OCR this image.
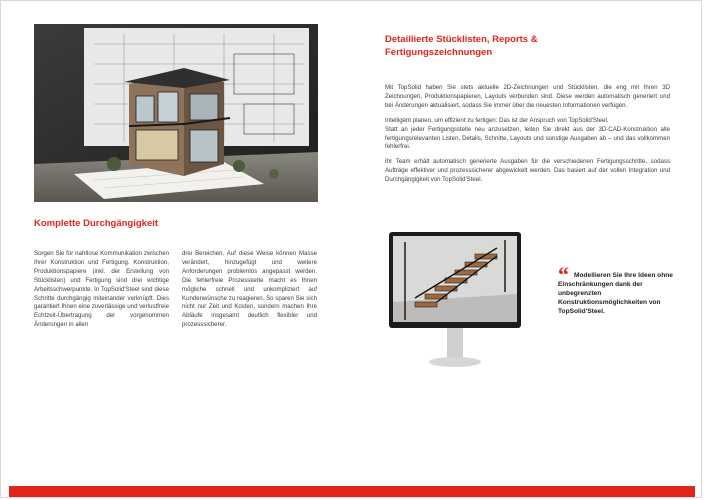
Detaillierte Stücklisten, Reports & Fertigungszeichnungen

Mit TopSolid haben Sie stets aktuelle 2D-Zeichnungen und Stücklisten, die eng mit Ihren 3D Zeichnungen, Produktionspapieren, Layouts verbunden sind. Diese werden automatisch generiert und bei Änderungen aktualisiert, sodass Sie immer über die neuesten Informationen verfügen.

Intelligent planen, um effizient zu fertigen: Das ist der Anspruch von TopSolid'Steel.

Statt an jeder Fertigungsstelle neu anzusetzen, leiten Sie direkt aus der 3D-CAD-Konstruktion alle fertigungsrelevanten Listen, Details, Schnitte, Layouts und sonstige Ausgaben ab – und das vollkommen fehlerfrei.

Ihr Team erhält automatisch generierte Ausgaben für die verschiedenen Fertigungsschritte, sodass Aufträge effektiver und prozesssicherer abgewickelt werden. Das basiert auf der vollen Integration und Durchgängigkeit von TopSolid'Steel.

Komplette Durchgängigkeit
Sorgen Sie für nahtlose Kommunikation zwischen Ihrer Konstruktion und Fertigung. Konstruktion, Produktionspapiere (inkl. der Erstellung von Stücklisten) und Fertigung sind drei wichtige Arbeitsschwerpunkte. In TopSolid'Steel sind diese Schritte durchgängig miteinander verknüpft. Dies garantiert Ihnen eine zuverlässige und verlustfreie Echtzeit-Übertragung der vorgenommen Änderungen in allen
drei Bereichen. Auf diese Weise können Masse verändert, hinzugefügt und weitere Anforderungen problemlos angepasst werden. Die fehlerfreie Prozesskette macht es Ihnen mögliche schnell und unkompliziert auf Kundenwünsche zu reagieren. So sparen Sie sich nicht nur Zeit und Kosten, sondern machen Ihre Abläufe insgesamt deutlich flexibler und prozesssicherer.
“ Modellieren Sie Ihre Ideen ohne Einschränkungen dank der unbegrenzten Konstruktionsmöglichkeiten von TopSolid'Steel.
